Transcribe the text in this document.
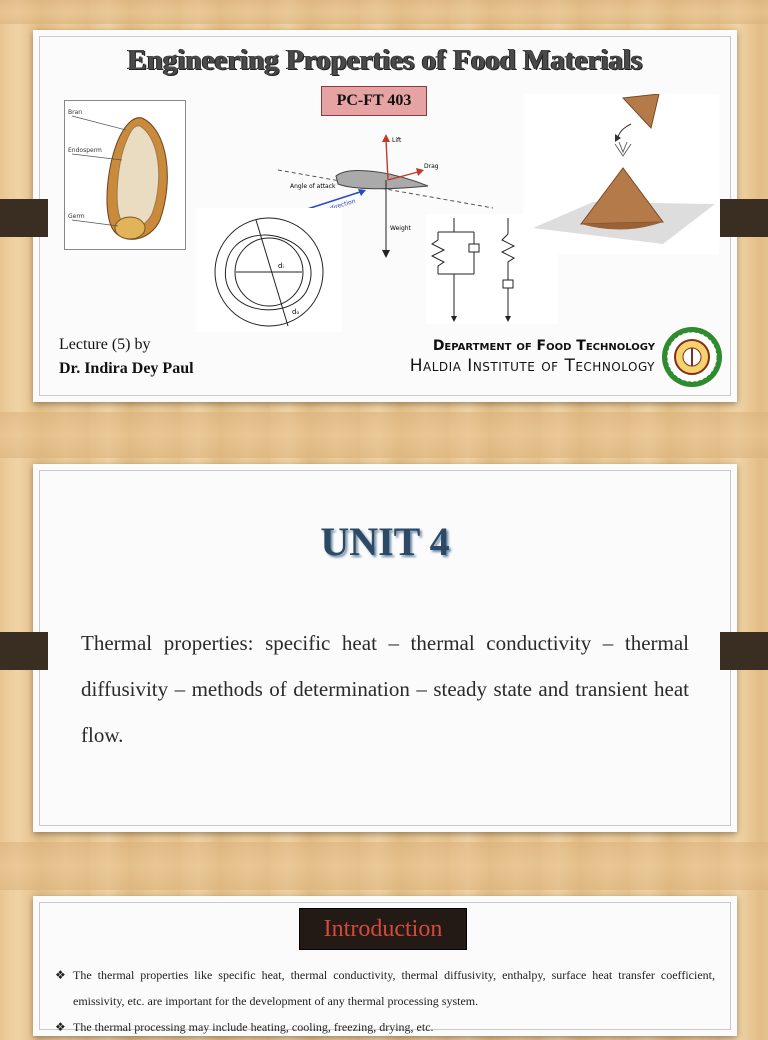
Engineering Properties of Food Materials
PC-FT 403
Bran
Endosperm
Germ
Lift
Drag
Angle of attack
Relative flow direction
Weight
dᵢ
dₒ
Lecture (5) by
Dr. Indira Dey Paul
Department of Food Technology
Haldia Institute of Technology
UNIT 4
Thermal properties: specific heat – thermal conductivity – thermal diffusivity – methods of determination – steady state and transient heat flow.
Introduction
❖ The thermal properties like specific heat, thermal conductivity, thermal diffusivity, enthalpy, surface heat transfer coefficient, emissivity, etc. are important for the development of any thermal processing system.
❖ The thermal processing may include heating, cooling, freezing, drying, etc.
